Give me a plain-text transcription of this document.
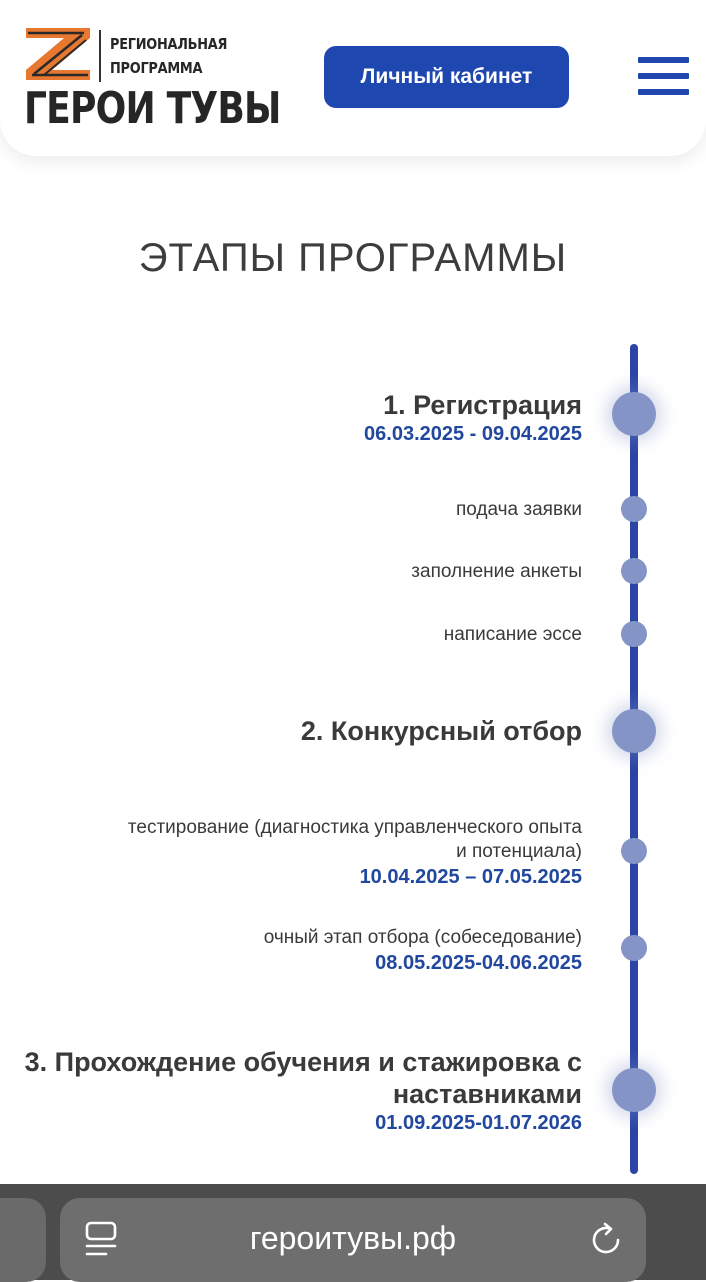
РЕГИОНАЛЬНАЯ
ПРОГРАММА
ГЕРОИ ТУВЫ
Личный кабинет
ЭТАПЫ ПРОГРАММЫ
1. Регистрация
06.03.2025 - 09.04.2025
подача заявки
заполнение анкеты
написание эссе
2. Конкурсный отбор
тестирование (диагностика управленческого опыта
и потенциала)
10.04.2025 – 07.05.2025
очный этап отбора (собеседование)
08.05.2025-04.06.2025
3. Прохождение обучения и стажировка с
наставниками
01.09.2025-01.07.2026
героитувы.рф
